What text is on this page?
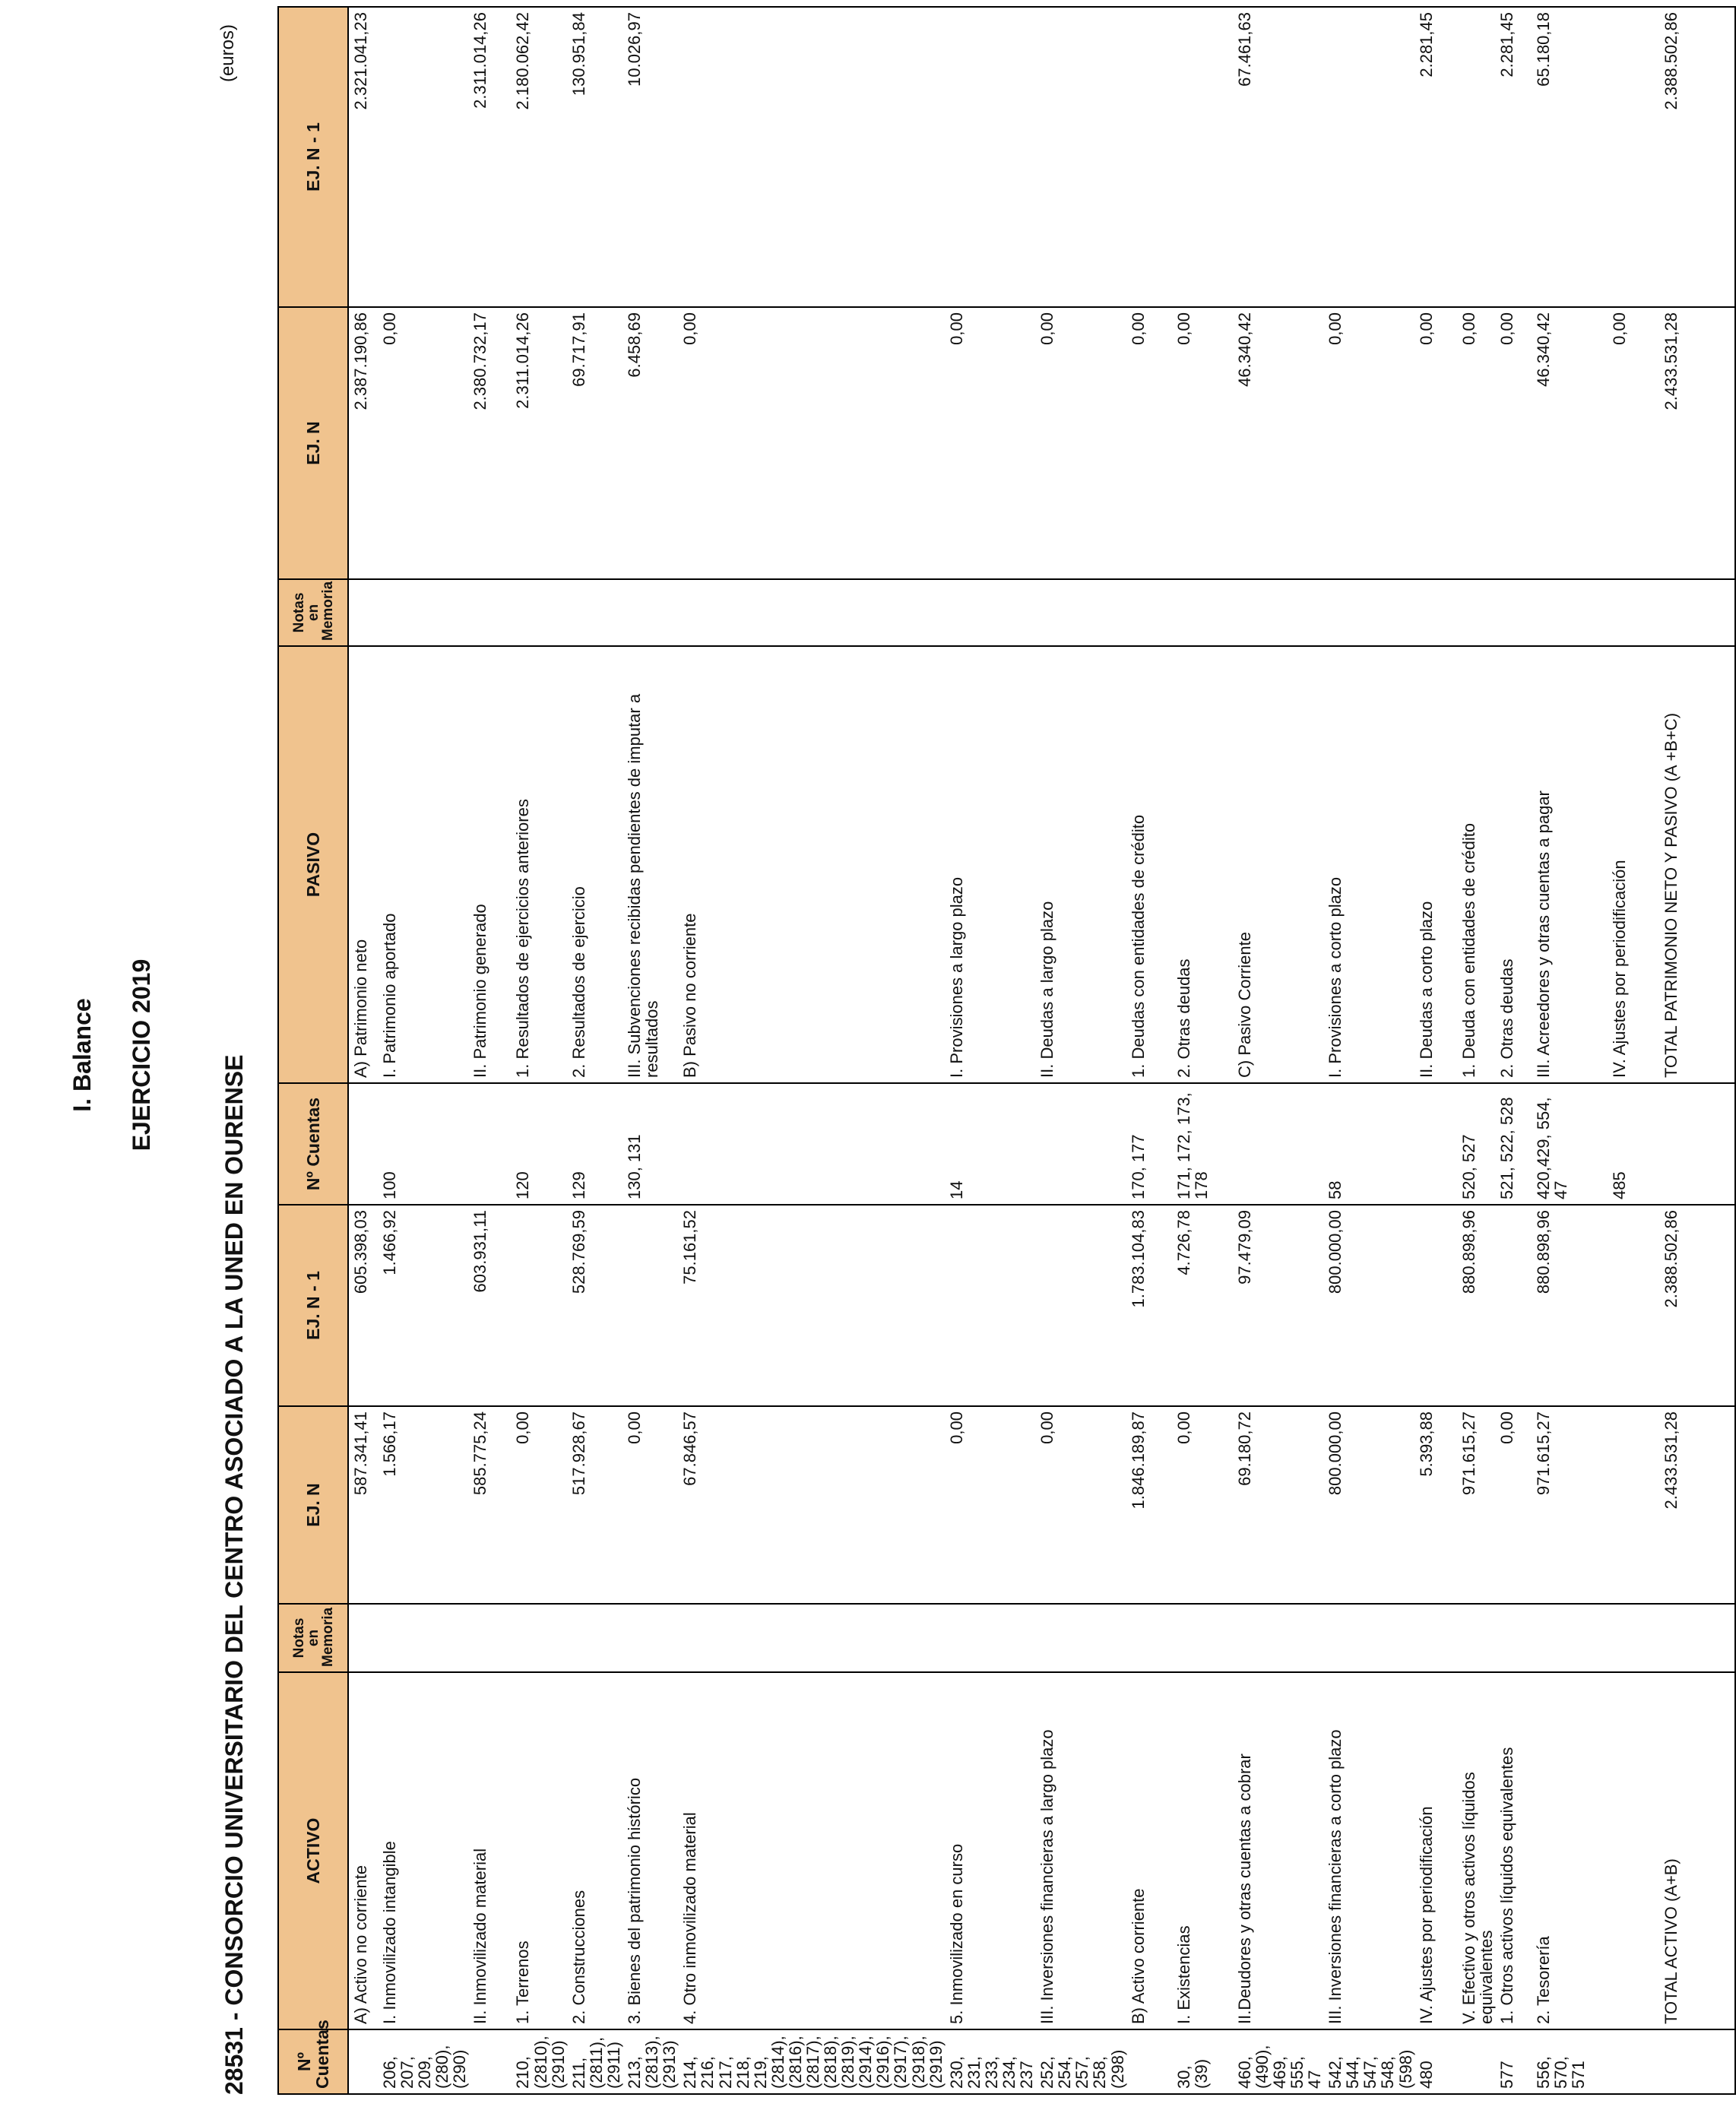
I. Balance EJERCICIO 2019	28531 - CONSORCIO UNIVERSITARIO DEL CENTRO ASOCIADO A LA UNED EN OURENSE
(euros)
Nº Cuentas	ACTIVO	Notas en Memoria	EJ. N	EJ. N - 1	Nº Cuentas	PASIVO	Notas en Memoria	EJ. N	EJ. N - 1
	A) Activo no corriente		587.341,41	605.398,03		A) Patrimonio neto		2.387.190,86	2.321.041,23
206, 207, 209, (280), (290)	I. Inmovilizado intangible		1.566,17	1.466,92	100	I. Patrimonio aportado		0,00	
	II. Inmovilizado material		585.775,24	603.931,11		II. Patrimonio generado		2.380.732,17	2.311.014,26
210, (2810), (2910)	1. Terrenos		0,00		120	1. Resultados de ejercicios anteriores		2.311.014,26	2.180.062,42
211, (2811), (2911)	2. Construcciones		517.928,67	528.769,59	129	2. Resultados de ejercicio		69.717,91	130.951,84
213, (2813), (2913)	3. Bienes del patrimonio histórico		0,00		130, 131	III. Subvenciones recibidas pendientes de imputar a resultados		6.458,69	10.026,97
214, 216, 217, 218, 219, (2814), (2816), (2817), (2818), (2819), (2914), (2916), (2917), (2918), (2919)	4. Otro inmovilizado material		67.846,57	75.161,52		B) Pasivo no corriente		0,00	
230, 231, 233, 234, 237	5. Inmovilizado en curso		0,00		14	I. Provisiones a largo plazo		0,00	
252, 254, 257, 258, (298)	III. Inversiones financieras a largo plazo		0,00			II. Deudas a largo plazo		0,00	
	B) Activo corriente		1.846.189,87	1.783.104,83	170, 177	1. Deudas con entidades de crédito		0,00	
30, (39)	I. Existencias		0,00	4.726,78	171, 172, 173, 178	2. Otras deudas		0,00	
460, (490), 469, 555, 47	II.Deudores y otras cuentas a cobrar		69.180,72	97.479,09		C) Pasivo Corriente		46.340,42	67.461,63
542, 544, 547, 548, (598)	III. Inversiones financieras a corto plazo		800.000,00	800.000,00	58	I. Provisiones a corto plazo		0,00	
480	IV. Ajustes por periodificación		5.393,88			II. Deudas a corto plazo		0,00	2.281,45
	V. Efectivo y otros activos líquidos equivalentes		971.615,27	880.898,96	520, 527	1. Deuda con entidades de crédito		0,00	
577	1. Otros activos líquidos equivalentes		0,00		521, 522, 528	2. Otras deudas		0,00	2.281,45
556, 570, 571	2. Tesorería		971.615,27	880.898,96	420,429, 554, 47	III. Acreedores y otras cuentas a pagar		46.340,42	65.180,18
					485	IV. Ajustes por periodificación		0,00	
	TOTAL ACTIVO (A+B)		2.433.531,28	2.388.502,86		TOTAL PATRIMONIO NETO Y PASIVO (A +B+C)		2.433.531,28	2.388.502,86
